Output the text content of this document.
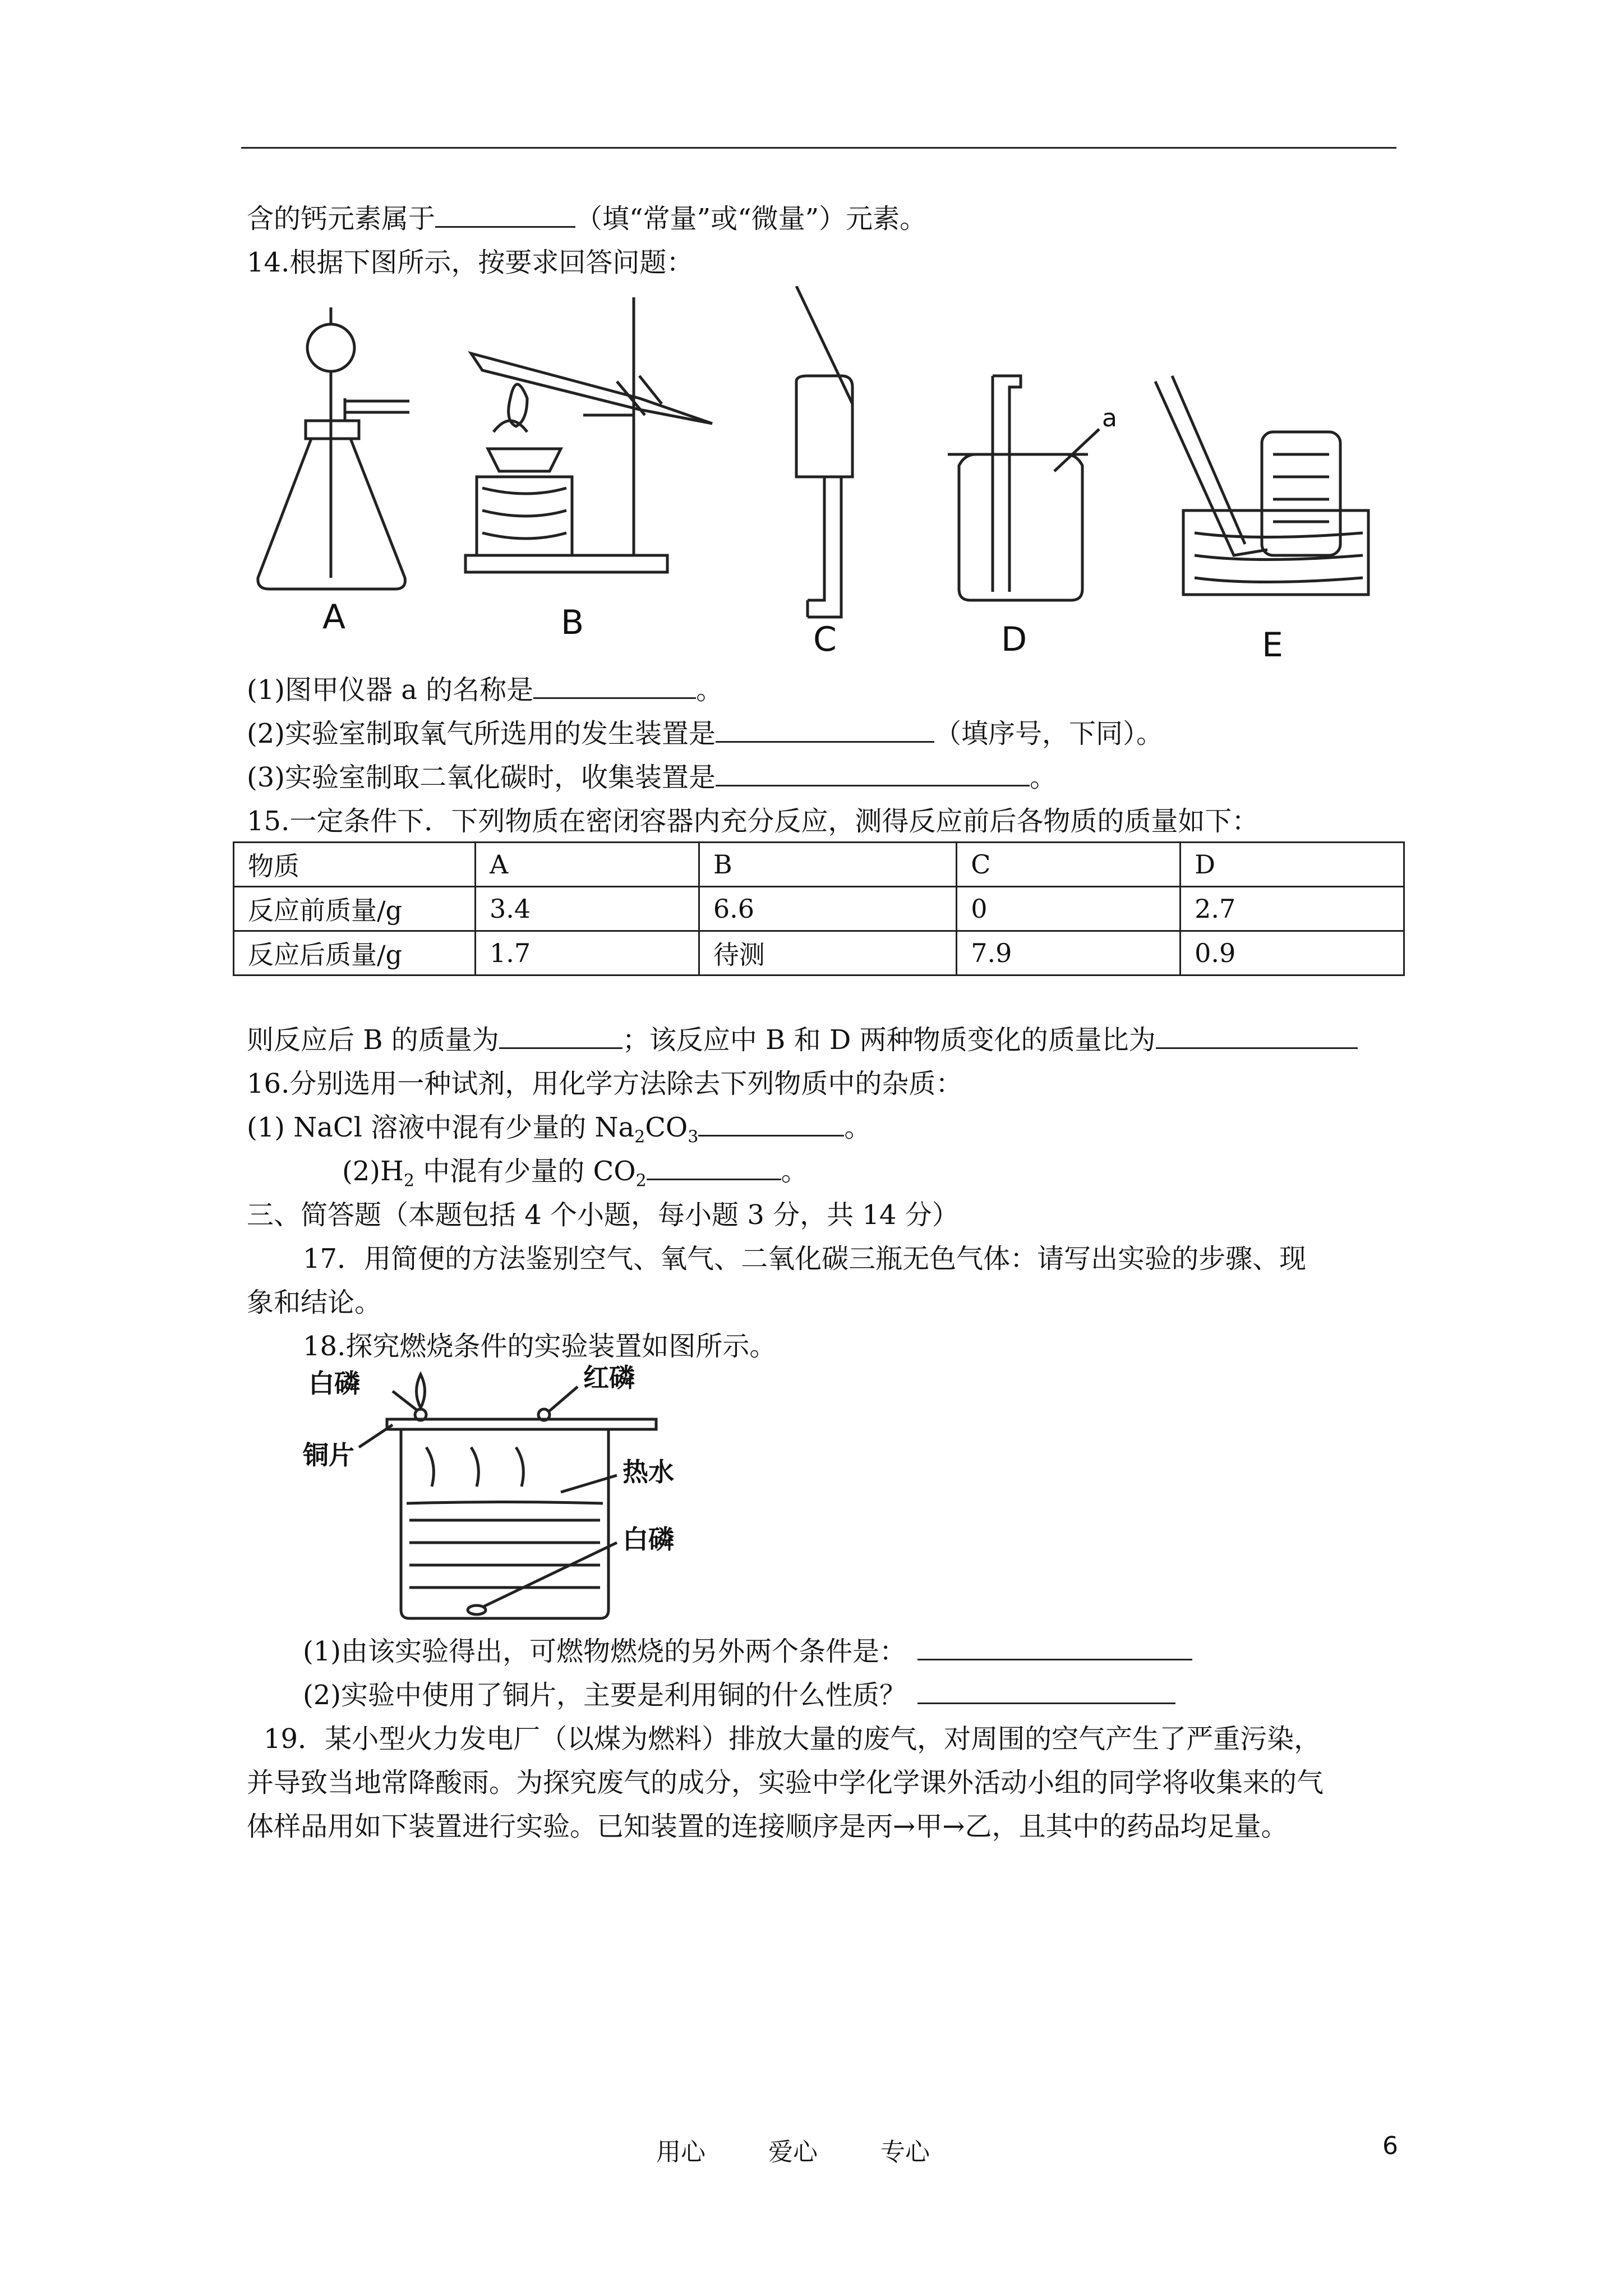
含的钙元素属于	（填“常量”或“微量”）元素。
14.根据下图所示，按要求回答问题：
A	B	C	D	E
a
(1)图甲仪器 a 的名称是	。
(2)实验室制取氧气所选用的发生装置是	（填序号，下同）。
(3)实验室制取二氧化碳时，收集装置是	。
15.一定条件下．下列物质在密闭容器内充分反应，测得反应前后各物质的质量如下：
物质	A	B	C	D
反应前质量/g	3.4	6.6	0	2.7
反应后质量/g	1.7	待测	7.9	0.9
则反应后 B 的质量为	；该反应中 B 和 D 两种物质变化的质量比为
16.分别选用一种试剂，用化学方法除去下列物质中的杂质：
(1) NaCl 溶液中混有少量的 $Na_2CO_3$	。
$(2)H_2$ 中混有少量的 $CO_2$	。
三、简答题（本题包括 4 个小题，每小题 3 分，共 14 分）
17．用简便的方法鉴别空气、氧气、二氧化碳三瓶无色气体：请写出实验的步骤、现
象和结论。
18.探究燃烧条件的实验装置如图所示。
白磷	红磷
铜片
热水
白磷
(1)由该实验得出，可燃物燃烧的另外两个条件是：
(2)实验中使用了铜片，主要是利用铜的什么性质？
19．某小型火力发电厂（以煤为燃料）排放大量的废气，对周围的空气产生了严重污染，
并导致当地常降酸雨。为探究废气的成分，实验中学化学课外活动小组的同学将收集来的气
体样品用如下装置进行实验。已知装置的连接顺序是丙→甲→乙，且其中的药品均足量。
用心	爱心	专心	6
